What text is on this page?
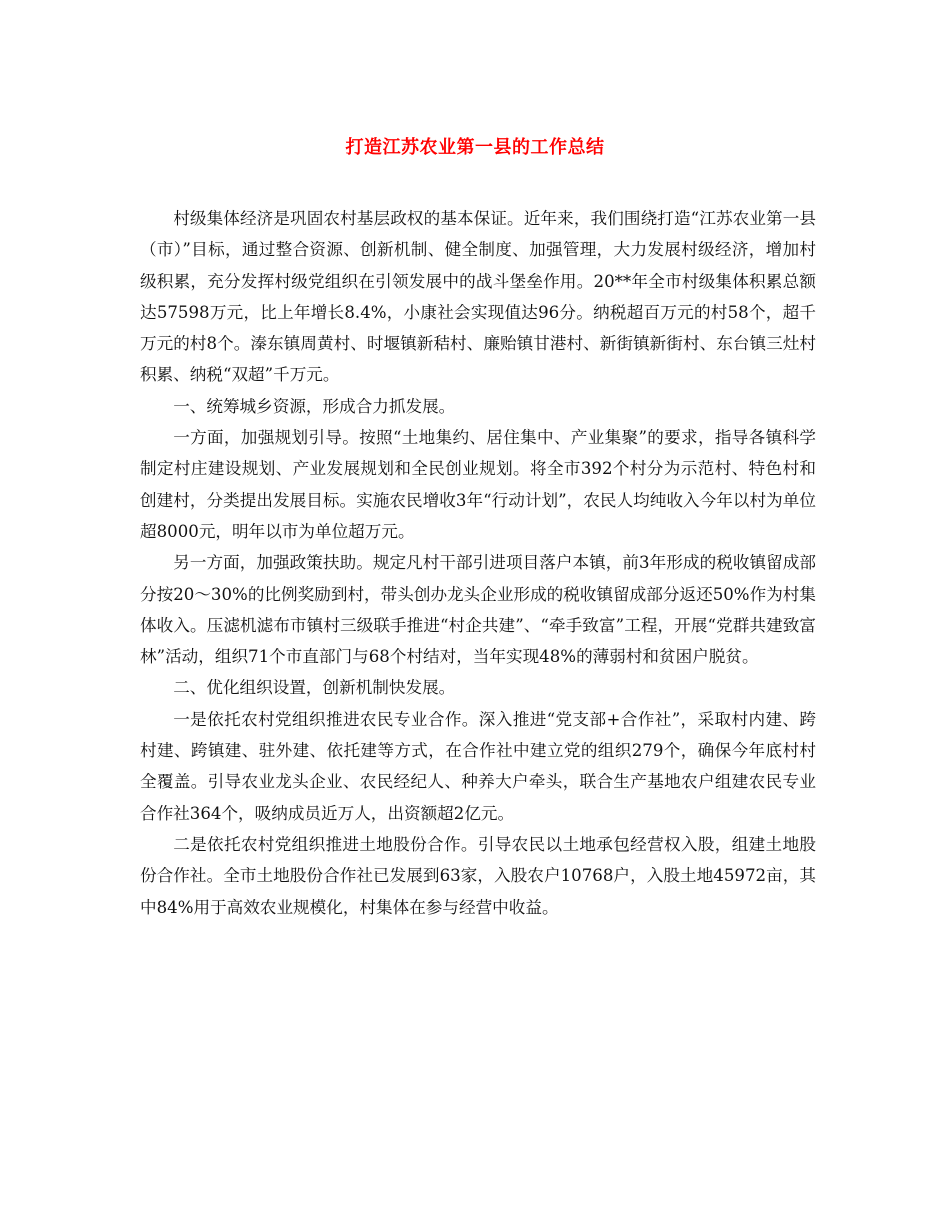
打造江苏农业第一县的工作总结

村级集体经济是巩固农村基层政权的基本保证。近年来，我们围绕打造“江苏农业第一县（市）”目标，通过整合资源、创新机制、健全制度、加强管理，大力发展村级经济，增加村级积累，充分发挥村级党组织在引领发展中的战斗堡垒作用。20**年全市村级集体积累总额达57598万元，比上年增长8.4%，小康社会实现值达96分。纳税超百万元的村58个，超千万元的村8个。溱东镇周黄村、时堰镇新秸村、廉贻镇甘港村、新街镇新街村、东台镇三灶村积累、纳税“双超”千万元。

一、统筹城乡资源，形成合力抓发展。

一方面，加强规划引导。按照“土地集约、居住集中、产业集聚”的要求，指导各镇科学制定村庄建设规划、产业发展规划和全民创业规划。将全市392个村分为示范村、特色村和创建村，分类提出发展目标。实施农民增收3年“行动计划”，农民人均纯收入今年以村为单位超8000元，明年以市为单位超万元。

另一方面，加强政策扶助。规定凡村干部引进项目落户本镇，前3年形成的税收镇留成部分按20～30%的比例奖励到村，带头创办龙头企业形成的税收镇留成部分返还50%作为村集体收入。压滤机滤布市镇村三级联手推进“村企共建”、“牵手致富”工程，开展“党群共建致富林”活动，组织71个市直部门与68个村结对，当年实现48%的薄弱村和贫困户脱贫。

二、优化组织设置，创新机制快发展。

一是依托农村党组织推进农民专业合作。深入推进“党支部+合作社”，采取村内建、跨村建、跨镇建、驻外建、依托建等方式，在合作社中建立党的组织279个，确保今年底村村全覆盖。引导农业龙头企业、农民经纪人、种养大户牵头，联合生产基地农户组建农民专业合作社364个，吸纳成员近万人，出资额超2亿元。

二是依托农村党组织推进土地股份合作。引导农民以土地承包经营权入股，组建土地股份合作社。全市土地股份合作社已发展到63家，入股农户10768户，入股土地45972亩，其中84%用于高效农业规模化，村集体在参与经营中收益。
